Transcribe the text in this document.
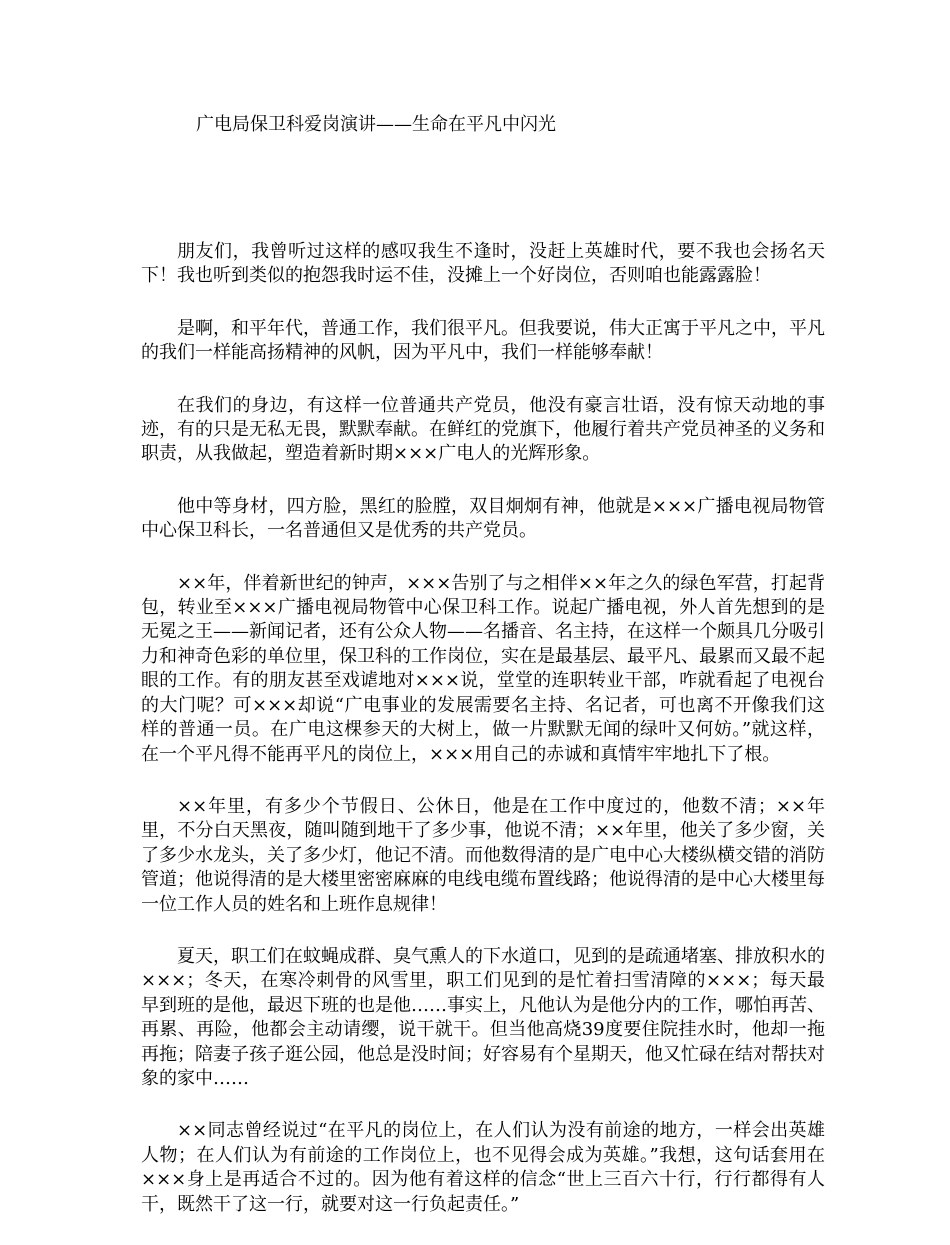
广电局保卫科爱岗演讲——生命在平凡中闪光

朋友们，我曾听过这样的感叹我生不逢时，没赶上英雄时代，要不我也会扬名天下！我也听到类似的抱怨我时运不佳，没摊上一个好岗位，否则咱也能露露脸！

是啊，和平年代，普通工作，我们很平凡。但我要说，伟大正寓于平凡之中，平凡的我们一样能高扬精神的风帆，因为平凡中，我们一样能够奉献！

在我们的身边，有这样一位普通共产党员，他没有豪言壮语，没有惊天动地的事迹，有的只是无私无畏，默默奉献。在鲜红的党旗下，他履行着共产党员神圣的义务和职责，从我做起，塑造着新时期×××广电人的光辉形象。

他中等身材，四方脸，黑红的脸膛，双目炯炯有神，他就是×××广播电视局物管中心保卫科长，一名普通但又是优秀的共产党员。

××年，伴着新世纪的钟声，×××告别了与之相伴××年之久的绿色军营，打起背包，转业至×××广播电视局物管中心保卫科工作。说起广播电视，外人首先想到的是无冕之王——新闻记者，还有公众人物——名播音、名主持，在这样一个颇具几分吸引力和神奇色彩的单位里，保卫科的工作岗位，实在是最基层、最平凡、最累而又最不起眼的工作。有的朋友甚至戏谑地对×××说，堂堂的连职转业干部，咋就看起了电视台的大门呢？可×××却说“广电事业的发展需要名主持、名记者，可也离不开像我们这样的普通一员。在广电这棵参天的大树上，做一片默默无闻的绿叶又何妨。”就这样，在一个平凡得不能再平凡的岗位上，×××用自己的赤诚和真情牢牢地扎下了根。

××年里，有多少个节假日、公休日，他是在工作中度过的，他数不清；××年里，不分白天黑夜，随叫随到地干了多少事，他说不清；××年里，他关了多少窗，关了多少水龙头，关了多少灯，他记不清。而他数得清的是广电中心大楼纵横交错的消防管道；他说得清的是大楼里密密麻麻的电线电缆布置线路；他说得清的是中心大楼里每一位工作人员的姓名和上班作息规律！

夏天，职工们在蚊蝇成群、臭气熏人的下水道口，见到的是疏通堵塞、排放积水的×××；冬天，在寒冷刺骨的风雪里，职工们见到的是忙着扫雪清障的×××；每天最早到班的是他，最迟下班的也是他……事实上，凡他认为是他分内的工作，哪怕再苦、再累、再险，他都会主动请缨，说干就干。但当他高烧39度要住院挂水时，他却一拖再拖；陪妻子孩子逛公园，他总是没时间；好容易有个星期天，他又忙碌在结对帮扶对象的家中……

××同志曾经说过“在平凡的岗位上，在人们认为没有前途的地方，一样会出英雄人物；在人们认为有前途的工作岗位上，也不见得会成为英雄。”我想，这句话套用在×××身上是再适合不过的。因为他有着这样的信念“世上三百六十行，行行都得有人干，既然干了这一行，就要对这一行负起责任。”
